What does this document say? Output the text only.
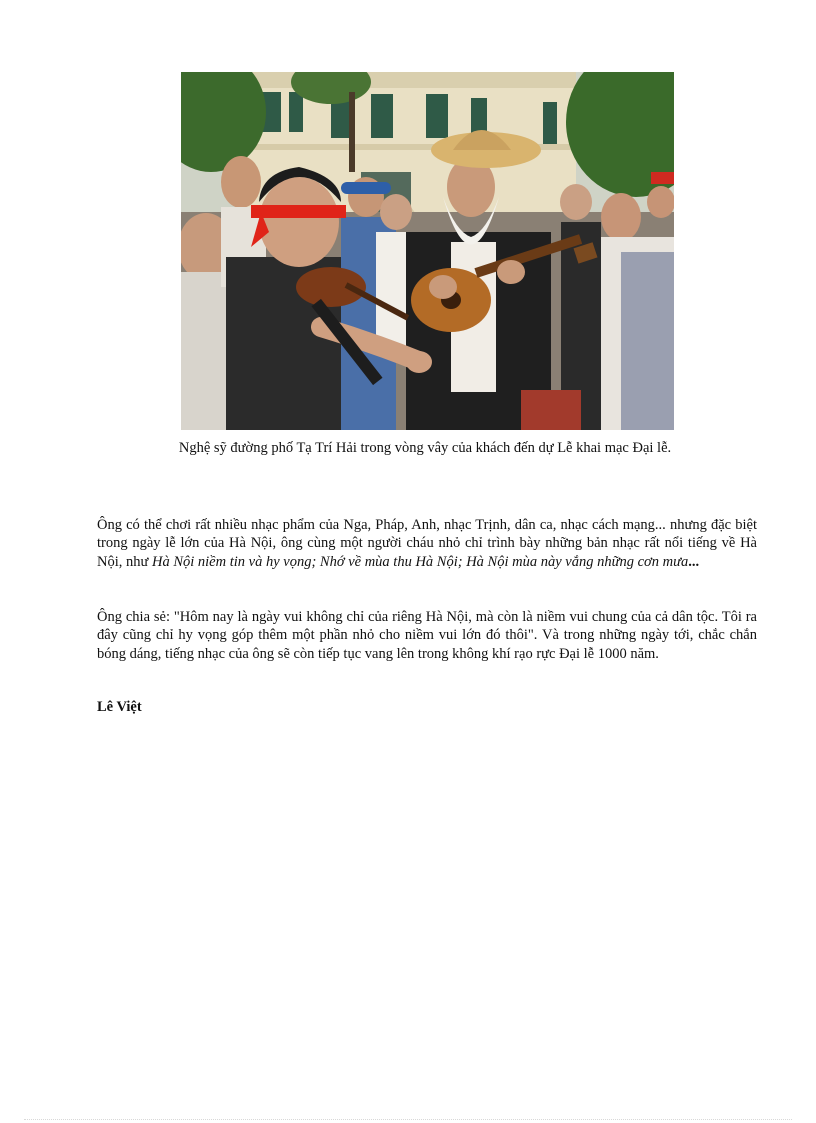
Nghệ sỹ đường phố Tạ Trí Hải trong vòng vây của khách đến dự Lễ khai mạc Đại lễ.

Ông có thể chơi rất nhiều nhạc phẩm của Nga, Pháp, Anh, nhạc Trịnh, dân ca, nhạc cách mạng... nhưng đặc biệt trong ngày lễ lớn của Hà Nội, ông cùng một người cháu nhỏ chỉ trình bày những bản nhạc rất nổi tiếng về Hà Nội, như Hà Nội niềm tin và hy vọng; Nhớ về mùa thu Hà Nội; Hà Nội mùa này vắng những cơn mưa...

Ông chia sẻ: "Hôm nay là ngày vui không chỉ của riêng Hà Nội, mà còn là niềm vui chung của cả dân tộc. Tôi ra đây cũng chỉ hy vọng góp thêm một phần nhỏ cho niềm vui lớn đó thôi". Và trong những ngày tới, chắc chắn bóng dáng, tiếng nhạc của ông sẽ còn tiếp tục vang lên trong không khí rạo rực Đại lễ 1000 năm.

Lê Việt
